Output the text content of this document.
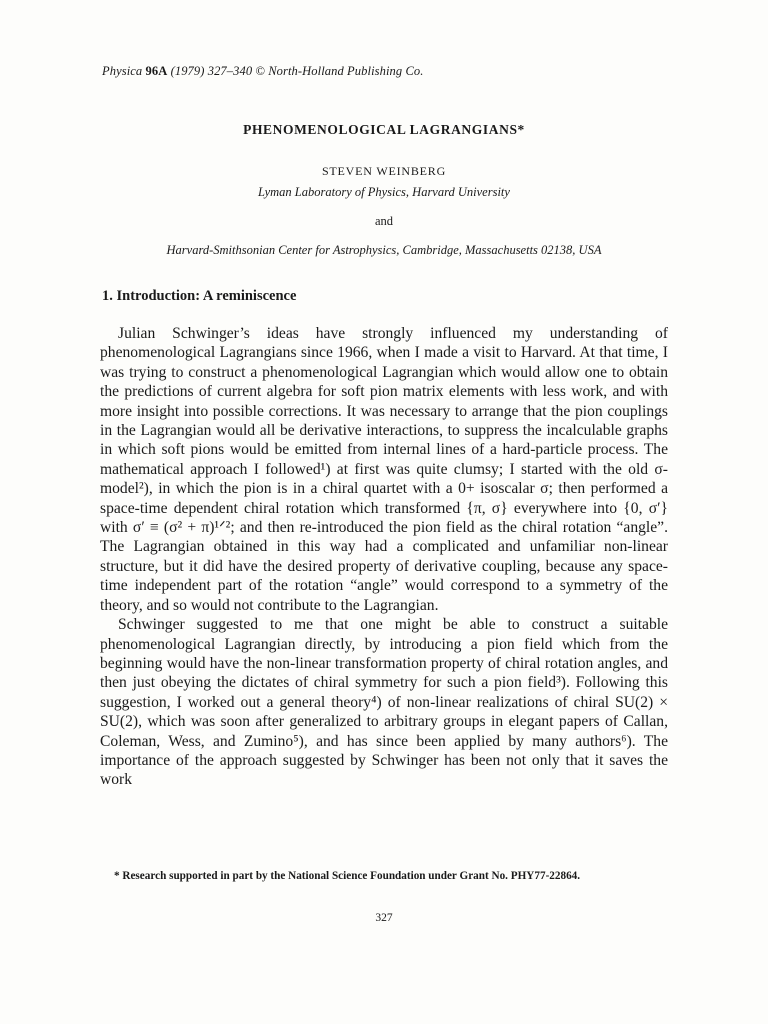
Physica 96A (1979) 327–340 © North-Holland Publishing Co.
PHENOMENOLOGICAL LAGRANGIANS*
STEVEN WEINBERG
Lyman Laboratory of Physics, Harvard University
and
Harvard-Smithsonian Center for Astrophysics, Cambridge, Massachusetts 02138, USA
1. Introduction: A reminiscence

Julian Schwinger’s ideas have strongly influenced my understanding of phenomenological Lagrangians since 1966, when I made a visit to Harvard. At that time, I was trying to construct a phenomenological Lagrangian which would allow one to obtain the predictions of current algebra for soft pion matrix elements with less work, and with more insight into possible corrections. It was necessary to arrange that the pion couplings in the Lagrangian would all be derivative interactions, to suppress the incalculable graphs in which soft pions would be emitted from internal lines of a hard-particle process. The mathematical approach I followed¹) at first was quite clumsy; I started with the old σ-model²), in which the pion is in a chiral quartet with a 0+ isoscalar σ; then performed a space-time dependent chiral rotation which transformed {π, σ} everywhere into {0, σ′} with σ′ ≡ (σ² + π)¹ᐟ²; and then re-introduced the pion field as the chiral rotation “angle”. The Lagrangian obtained in this way had a complicated and unfamiliar non-linear structure, but it did have the desired property of derivative coupling, because any space-time independent part of the rotation “angle” would correspond to a symmetry of the theory, and so would not contribute to the Lagrangian.

Schwinger suggested to me that one might be able to construct a suitable phenomenological Lagrangian directly, by introducing a pion field which from the beginning would have the non-linear transformation property of chiral rotation angles, and then just obeying the dictates of chiral symmetry for such a pion field³). Following this suggestion, I worked out a general theory⁴) of non-linear realizations of chiral SU(2) × SU(2), which was soon after generalized to arbitrary groups in elegant papers of Callan, Coleman, Wess, and Zumino⁵), and has since been applied by many authors⁶). The importance of the approach suggested by Schwinger has been not only that it saves the work

* Research supported in part by the National Science Foundation under Grant No. PHY77-22864.
327
